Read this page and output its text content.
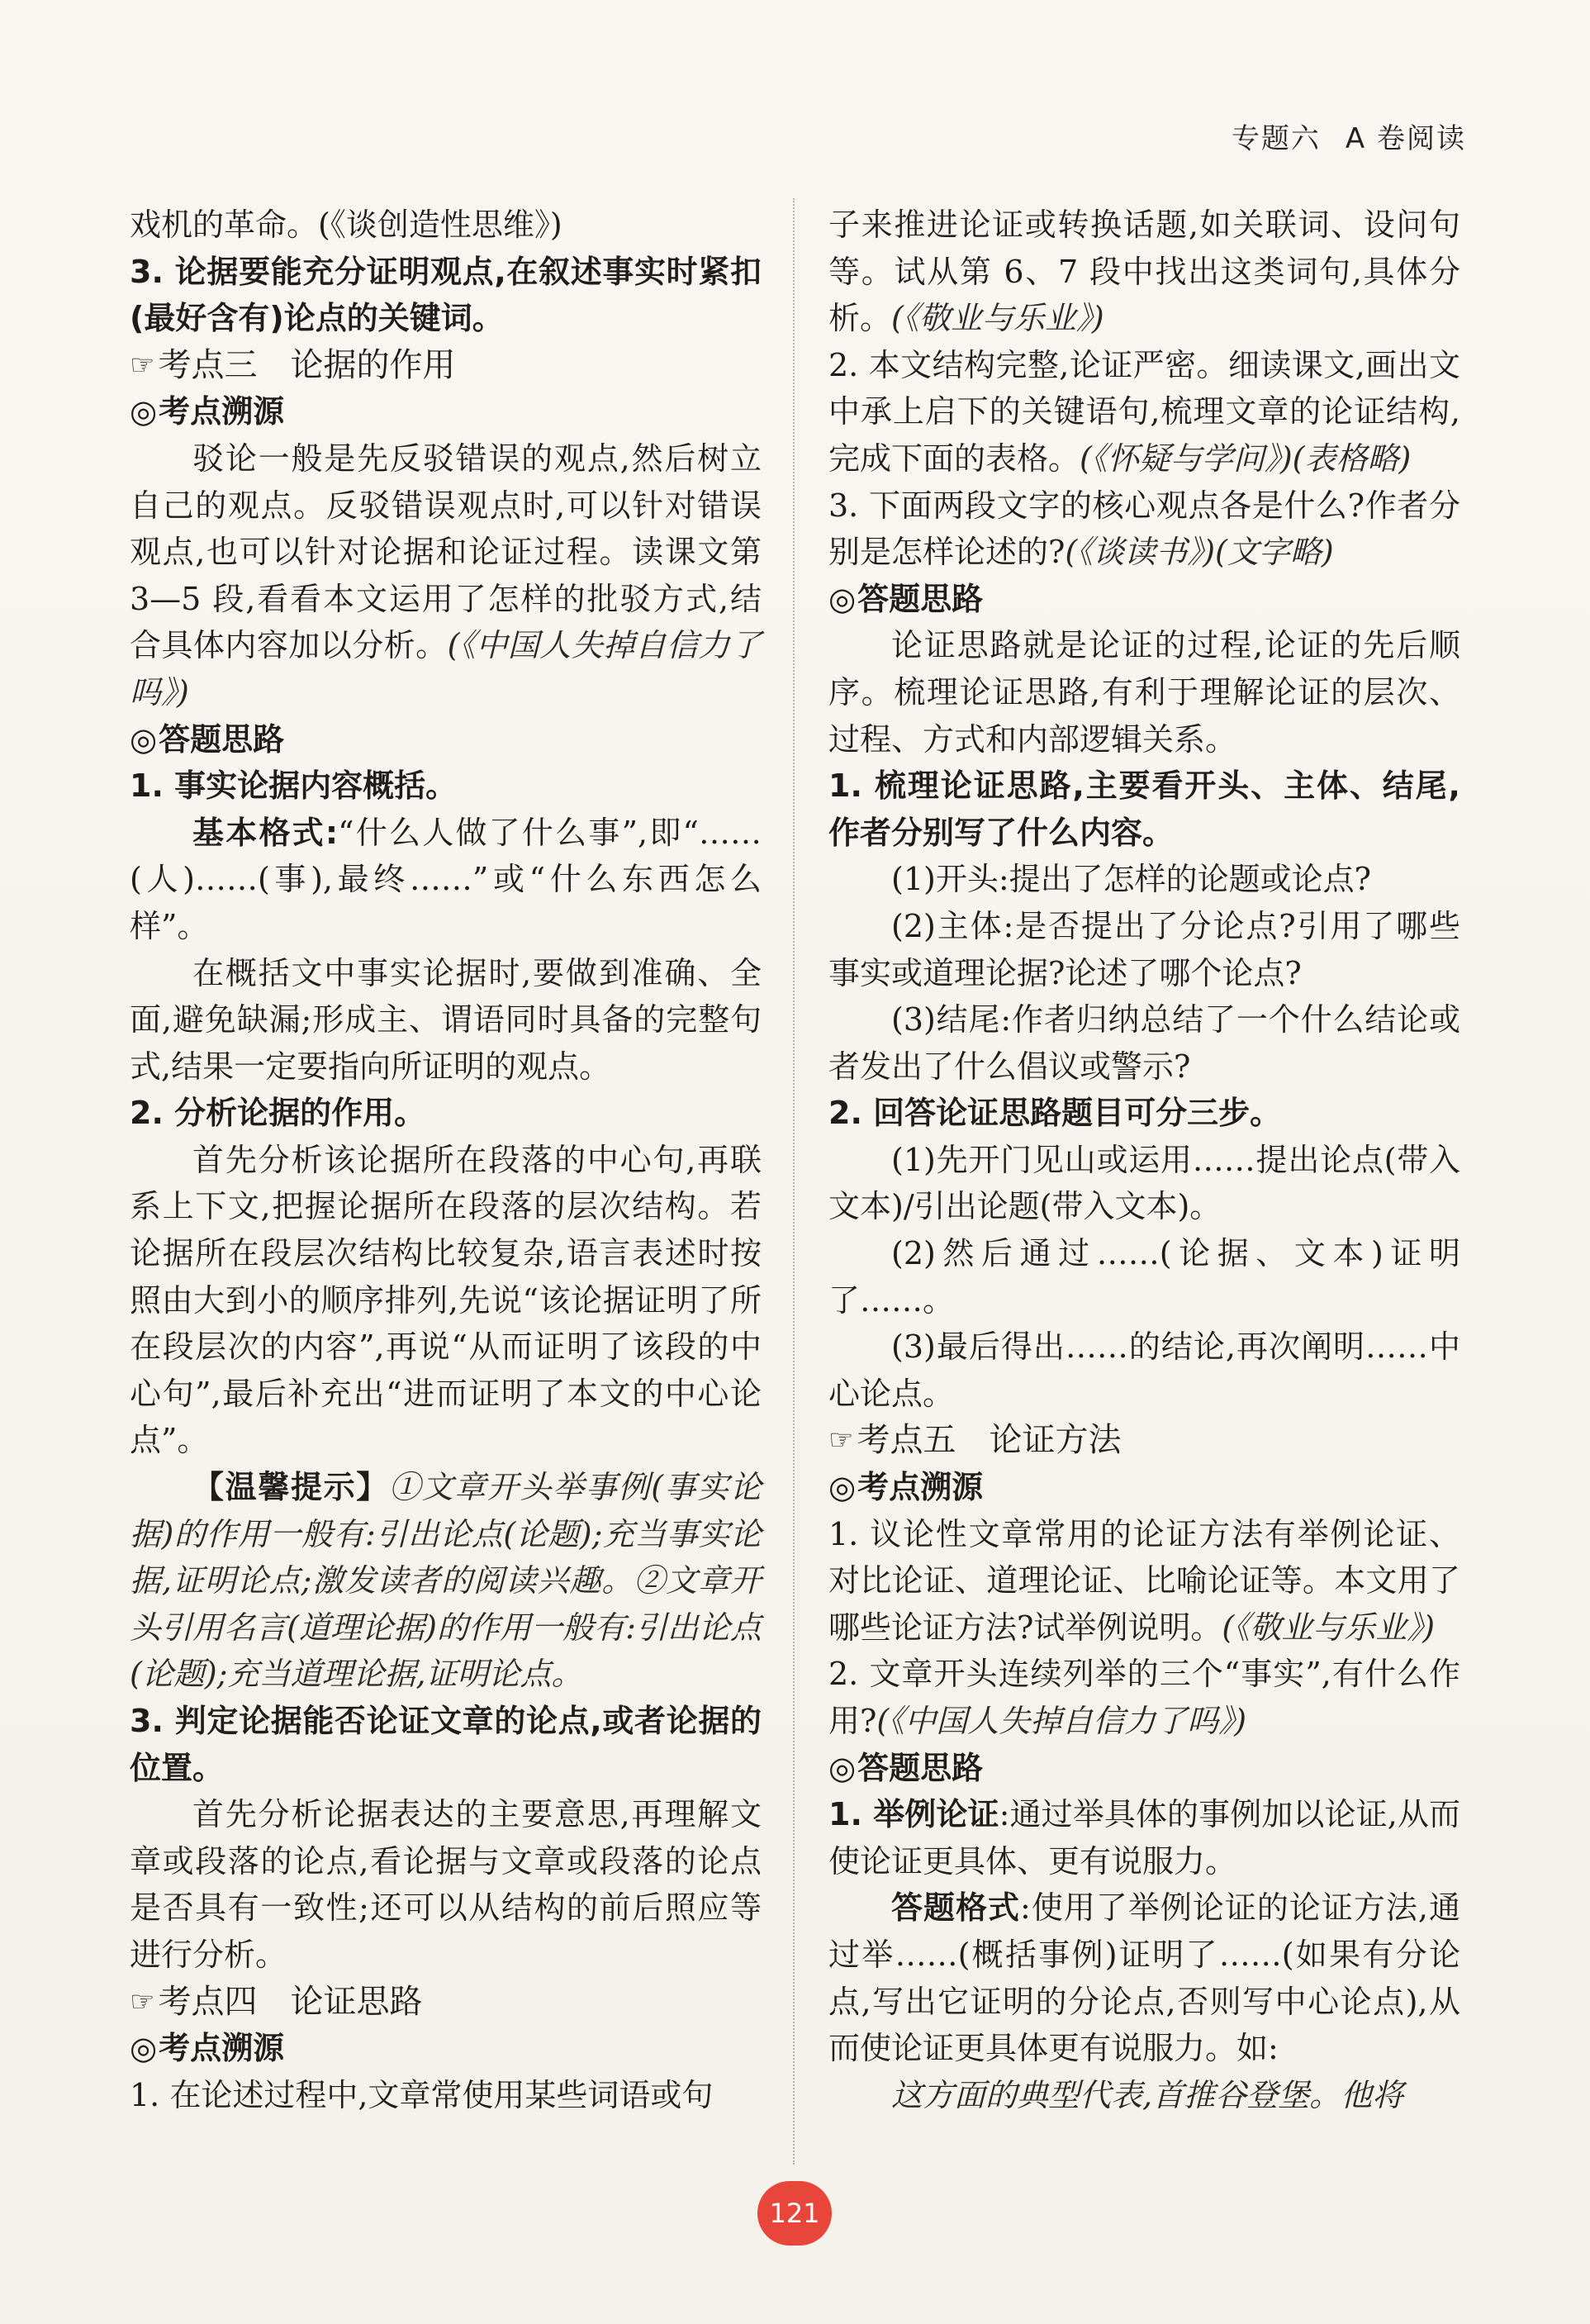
专题六 A 卷阅读

戏机的革命。(《谈创造性思维》)

3. 论据要能充分证明观点,在叙述事实时紧扣(最好含有)论点的关键词。

☞ 考点三 论据的作用

◎考点溯源

驳论一般是先反驳错误的观点,然后树立自己的观点。反驳错误观点时,可以针对错误观点,也可以针对论据和论证过程。读课文第 3—5 段,看看本文运用了怎样的批驳方式,结合具体内容加以分析。(《中国人失掉自信力了吗》)

◎答题思路

1. 事实论据内容概括。

基本格式:“什么人做了什么事”,即“……(人)……(事),最终……”或“什么东西怎么样”。

在概括文中事实论据时,要做到准确、全面,避免缺漏;形成主、谓语同时具备的完整句式,结果一定要指向所证明的观点。

2. 分析论据的作用。

首先分析该论据所在段落的中心句,再联系上下文,把握论据所在段落的层次结构。若论据所在段层次结构比较复杂,语言表述时按照由大到小的顺序排列,先说“该论据证明了所在段层次的内容”,再说“从而证明了该段的中心句”,最后补充出“进而证明了本文的中心论点”。

【温馨提示】①文章开头举事例(事实论据)的作用一般有:引出论点(论题);充当事实论据,证明论点;激发读者的阅读兴趣。②文章开头引用名言(道理论据)的作用一般有:引出论点(论题);充当道理论据,证明论点。

3. 判定论据能否论证文章的论点,或者论据的位置。

首先分析论据表达的主要意思,再理解文章或段落的论点,看论据与文章或段落的论点是否具有一致性;还可以从结构的前后照应等进行分析。

☞ 考点四 论证思路

◎考点溯源

1. 在论述过程中,文章常使用某些词语或句

子来推进论证或转换话题,如关联词、设问句等。试从第 6、7 段中找出这类词句,具体分析。(《敬业与乐业》)

2. 本文结构完整,论证严密。细读课文,画出文中承上启下的关键语句,梳理文章的论证结构,完成下面的表格。(《怀疑与学问》)(表格略)

3. 下面两段文字的核心观点各是什么?作者分别是怎样论述的?(《谈读书》)(文字略)

◎答题思路

论证思路就是论证的过程,论证的先后顺序。梳理论证思路,有利于理解论证的层次、过程、方式和内部逻辑关系。

1. 梳理论证思路,主要看开头、主体、结尾,作者分别写了什么内容。

(1)开头:提出了怎样的论题或论点?

(2)主体:是否提出了分论点?引用了哪些事实或道理论据?论述了哪个论点?

(3)结尾:作者归纳总结了一个什么结论或者发出了什么倡议或警示?

2. 回答论证思路题目可分三步。

(1)先开门见山或运用……提出论点(带入文本)/引出论题(带入文本)。

(2)然后通过……(论据、文本)证明了……。

(3)最后得出……的结论,再次阐明……中心论点。

☞ 考点五 论证方法

◎考点溯源

1. 议论性文章常用的论证方法有举例论证、对比论证、道理论证、比喻论证等。本文用了哪些论证方法?试举例说明。(《敬业与乐业》)

2. 文章开头连续列举的三个“事实”,有什么作用?(《中国人失掉自信力了吗》)

◎答题思路

1. 举例论证:通过举具体的事例加以论证,从而使论证更具体、更有说服力。

答题格式:使用了举例论证的论证方法,通过举……(概括事例)证明了……(如果有分论点,写出它证明的分论点,否则写中心论点),从而使论证更具体更有说服力。如:

这方面的典型代表,首推谷登堡。他将

121
